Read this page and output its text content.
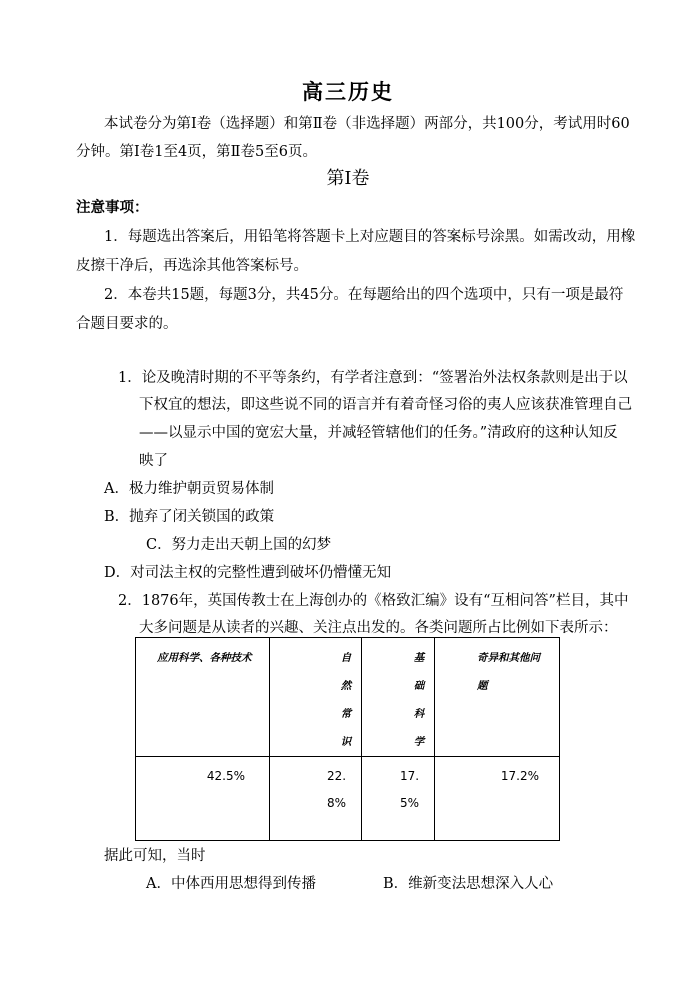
高三历史
本试卷分为第Ⅰ卷（选择题）和第Ⅱ卷（非选择题）两部分，共100分，考试用时60
分钟。第Ⅰ卷1至4页，第Ⅱ卷5至6页。
第Ⅰ卷
注意事项：
1．每题选出答案后，用铅笔将答题卡上对应题目的答案标号涂黑。如需改动，用橡
皮擦干净后，再选涂其他答案标号。
2．本卷共15题，每题3分，共45分。在每题给出的四个选项中，只有一项是最符
合题目要求的。
1．论及晚清时期的不平等条约，有学者注意到：“签署治外法权条款则是出于以
下权宜的想法，即这些说不同的语言并有着奇怪习俗的夷人应该获准管理自己
——以显示中国的宽宏大量，并减轻管辖他们的任务。”清政府的这种认知反
映了
A．极力维护朝贡贸易体制
B．抛弃了闭关锁国的政策
C．努力走出天朝上国的幻梦
D．对司法主权的完整性遭到破坏仍懵懂无知
2．1876年，英国传教士在上海创办的《格致汇编》设有“互相问答”栏目，其中
大多问题是从读者的兴趣、关注点出发的。各类问题所占比例如下表所示：
应用科学、各种技术	自然常识	基础科学	奇异和其他问题
42.5%	22.8%	17.5%	17.2%
据此可知，当时
A．中体西用思想得到传播	B．维新变法思想深入人心
